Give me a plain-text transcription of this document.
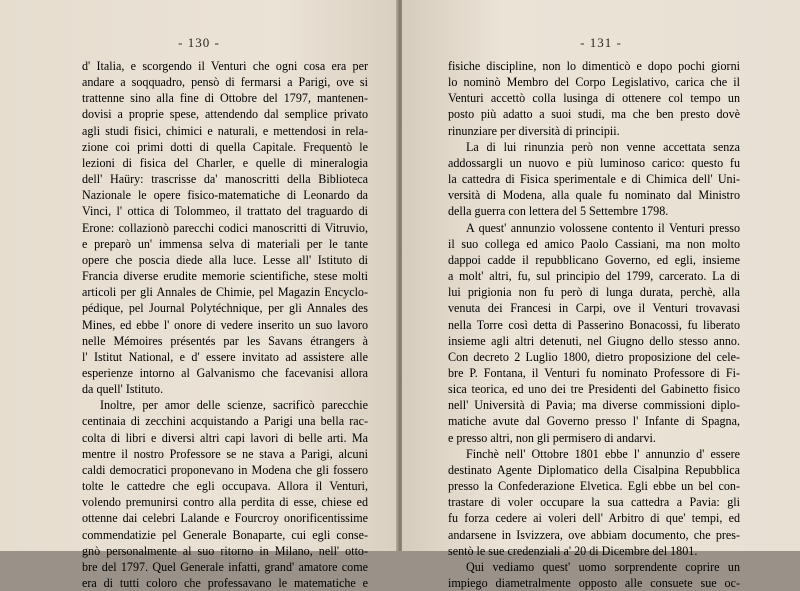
- 130 -	- 131 -
d' Italia, e scorgendo il Venturi che ogni cosa era per
andare a soqquadro, pensò di fermarsi a Parigi, ove si
trattenne sino alla fine di Ottobre del 1797, mantenen-
dovisi a proprie spese, attendendo dal semplice privato
agli studi fisici, chimici e naturali, e mettendosi in rela-
zione coi primi dotti di quella Capitale. Frequentò le
lezioni di fisica del Charler, e quelle di mineralogia
dell' Haüry: trascrisse da' manoscritti della Biblioteca
Nazionale le opere fisico-matematiche di Leonardo da
Vinci, l' ottica di Tolommeo, il trattato del traguardo di
Erone: collazionò parecchi codici manoscritti di Vitruvio,
e preparò un' immensa selva di materiali per le tante
opere che poscia diede alla luce. Lesse all' Istituto di
Francia diverse erudite memorie scientifiche, stese molti
articoli per gli Annales de Chimie, pel Magazin Encyclo-
pédique, pel Journal Polytéchnique, per gli Annales des
Mines, ed ebbe l' onore di vedere inserito un suo lavoro
nelle Mémoires présentés par les Savans étrangers à
l' Istitut National, e d' essere invitato ad assistere alle
esperienze intorno al Galvanismo che facevanisi allora
da quell' Istituto.
Inoltre, per amor delle scienze, sacrificò parecchie
centinaia di zecchini acquistando a Parigi una bella rac-
colta di libri e diversi altri capi lavori di belle arti. Ma
mentre il nostro Professore se ne stava a Parigi, alcuni
caldi democratici proponevano in Modena che gli fossero
tolte le cattedre che egli occupava. Allora il Venturi,
volendo premunirsi contro alla perdita di esse, chiese ed
ottenne dai celebri Lalande e Fourcroy onorificentissime
commendatizie pel Generale Bonaparte, cui egli conse-
gnò personalmente al suo ritorno in Milano, nell' otto-
bre del 1797. Quel Generale infatti, grand' amatore come
era di tutti coloro che professavano le matematiche e
fisiche discipline, non lo dimenticò e dopo pochi giorni
lo nominò Membro del Corpo Legislativo, carica che il
Venturi accettò colla lusinga di ottenere col tempo un
posto più adatto a suoi studi, ma che ben presto dovè
rinunziare per diversità di principii.
La di lui rinunzia però non venne accettata senza
addossargli un nuovo e più luminoso carico: questo fu
la cattedra di Fisica sperimentale e di Chimica dell' Uni-
versità di Modena, alla quale fu nominato dal Ministro
della guerra con lettera del 5 Settembre 1798.
A quest' annunzio volossene contento il Venturi presso
il suo collega ed amico Paolo Cassiani, ma non molto
dappoi cadde il repubblicano Governo, ed egli, insieme
a molt' altri, fu, sul principio del 1799, carcerato. La di
lui prigionia non fu però di lunga durata, perchè, alla
venuta dei Francesi in Carpi, ove il Venturi trovavasi
nella Torre così detta di Passerino Bonacossi, fu liberato
insieme agli altri detenuti, nel Giugno dello stesso anno.
Con decreto 2 Luglio 1800, dietro proposizione del cele-
bre P. Fontana, il Venturi fu nominato Professore di Fi-
sica teorica, ed uno dei tre Presidenti del Gabinetto fisico
nell' Università di Pavia; ma diverse commissioni diplo-
matiche avute dal Governo presso l' Infante di Spagna,
e presso altri, non gli permisero di andarvi.
Finchè nell' Ottobre 1801 ebbe l' annunzio d' essere
destinato Agente Diplomatico della Cisalpina Repubblica
presso la Confederazione Elvetica. Egli ebbe un bel con-
trastare di voler occupare la sua cattedra a Pavia: gli
fu forza cedere ai voleri dell' Arbitro di que' tempi, ed
andarsene in Isvizzera, ove abbiam documento, che pres-
sentò le sue credenziali a' 20 di Dicembre del 1801.
Qui vediamo quest' uomo sorprendente coprire un
impiego diametralmente opposto alle consuete sue oc-
